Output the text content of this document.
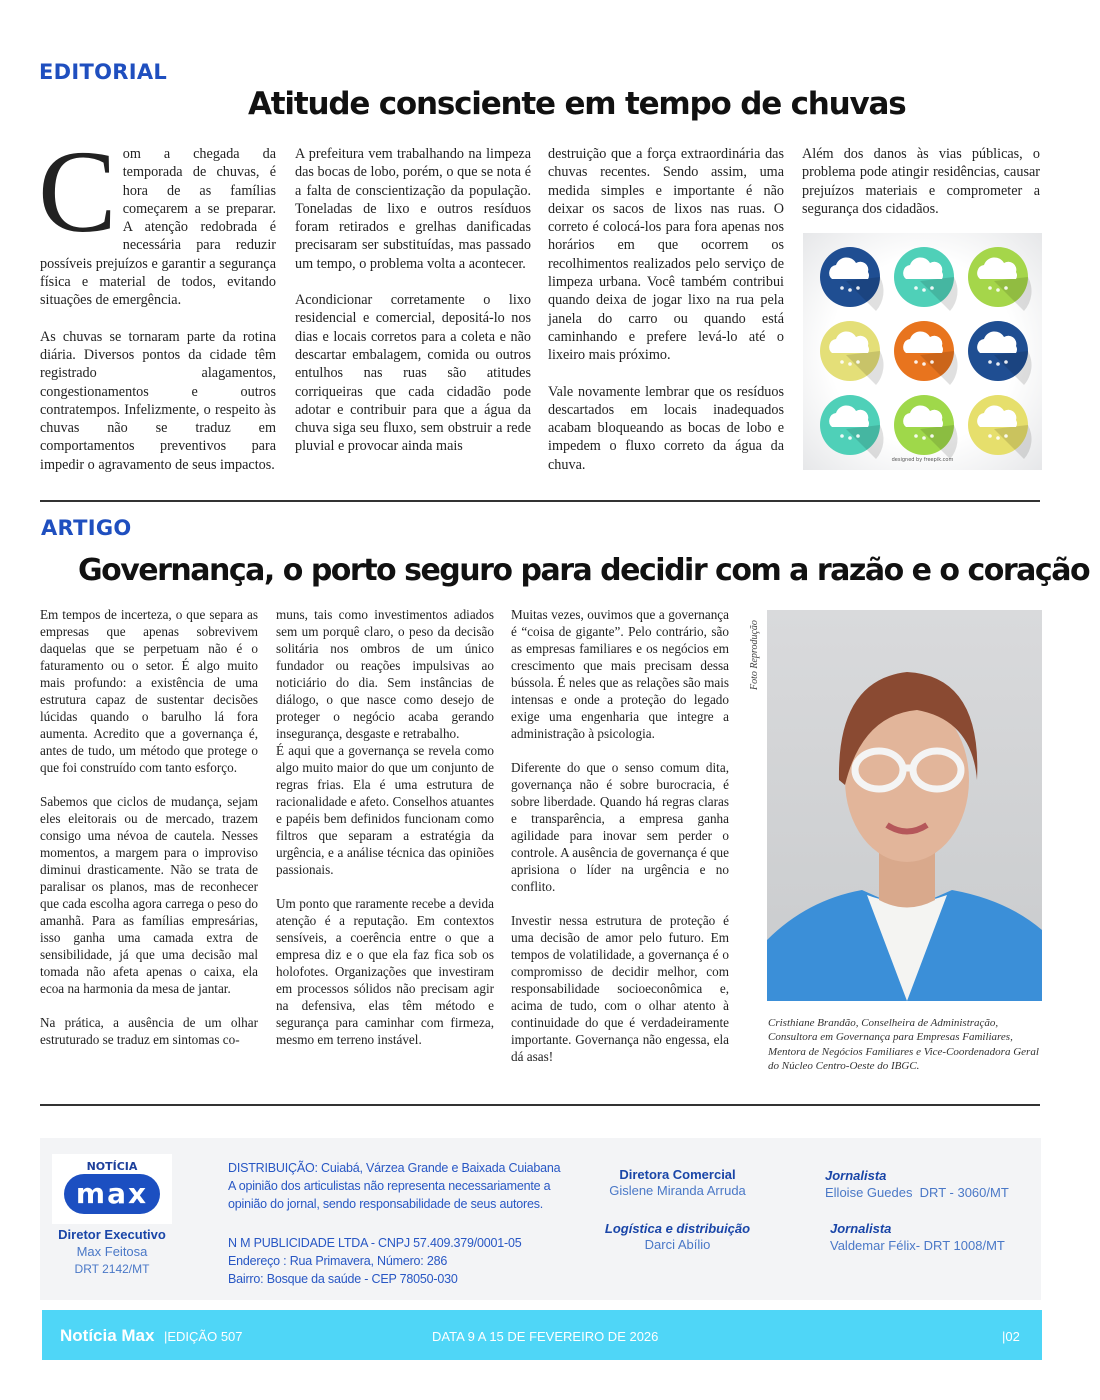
EDITORIAL
Atitude consciente em tempo de chuvas

Com a chegada da temporada de chuvas, é hora de as famílias começarem a se preparar. A atenção redobrada é necessária para reduzir possíveis prejuízos e garantir a segurança física e material de todos, evitando situações de emergência.

As chuvas se tornaram parte da rotina diária. Diversos pontos da cidade têm registrado alagamentos, congestionamentos e outros contratempos. Infelizmente, o respeito às chuvas não se traduz em comportamentos preventivos para impedir o agravamento de seus impactos.

A prefeitura vem trabalhando na limpeza das bocas de lobo, porém, o que se nota é a falta de conscientização da população. Toneladas de lixo e outros resíduos foram retirados e grelhas danificadas precisaram ser substituídas, mas passado um tempo, o problema volta a acontecer.

Acondicionar corretamente o lixo residencial e comercial, depositá-lo nos dias e locais corretos para a coleta e não descartar embalagem, comida ou outros entulhos nas ruas são atitudes corriqueiras que cada cidadão pode adotar e contribuir para que a água da chuva siga seu fluxo, sem obstruir a rede pluvial e provocar ainda mais

destruição que a força extraordinária das chuvas recentes. Sendo assim, uma medida simples e importante é não deixar os sacos de lixos nas ruas. O correto é colocá-los para fora apenas nos horários em que ocorrem os recolhimentos realizados pelo serviço de limpeza urbana. Você também contribui quando deixa de jogar lixo na rua pela janela do carro ou quando está caminhando e prefere levá-lo até o lixeiro mais próximo.

Vale novamente lembrar que os resíduos descartados em locais inadequados acabam bloqueando as bocas de lobo e impedem o fluxo correto da água da chuva.

Além dos danos às vias públicas, o problema pode atingir residências, causar prejuízos materiais e comprometer a segurança dos cidadãos.

designed by freepik.com
ARTIGO
Governança, o porto seguro para decidir com a razão e o coração

Em tempos de incerteza, o que separa as empresas que apenas sobrevivem daquelas que se perpetuam não é o faturamento ou o setor. É algo muito mais profundo: a existência de uma estrutura capaz de sustentar decisões lúcidas quando o barulho lá fora aumenta. Acredito que a governança é, antes de tudo, um método que protege o que foi construído com tanto esforço.

Sabemos que ciclos de mudança, sejam eles eleitorais ou de mercado, trazem consigo uma névoa de cautela. Nesses momentos, a margem para o improviso diminui drasticamente. Não se trata de paralisar os planos, mas de reconhecer que cada escolha agora carrega o peso do amanhã. Para as famílias empresárias, isso ganha uma camada extra de sensibilidade, já que uma decisão mal tomada não afeta apenas o caixa, ela ecoa na harmonia da mesa de jantar.

Na prática, a ausência de um olhar estruturado se traduz em sintomas co-

muns, tais como investimentos adiados sem um porquê claro, o peso da decisão solitária nos ombros de um único fundador ou reações impulsivas ao noticiário do dia. Sem instâncias de diálogo, o que nasce como desejo de proteger o negócio acaba gerando insegurança, desgaste e retrabalho.

É aqui que a governança se revela como algo muito maior do que um conjunto de regras frias. Ela é uma estrutura de racionalidade e afeto. Conselhos atuantes e papéis bem definidos funcionam como filtros que separam a estratégia da urgência, e a análise técnica das opiniões passionais.

Um ponto que raramente recebe a devida atenção é a reputação. Em contextos sensíveis, a coerência entre o que a empresa diz e o que ela faz fica sob os holofotes. Organizações que investiram em processos sólidos não precisam agir na defensiva, elas têm método e segurança para caminhar com firmeza, mesmo em terreno instável.

Muitas vezes, ouvimos que a governança é “coisa de gigante”. Pelo contrário, são as empresas familiares e os negócios em crescimento que mais precisam dessa bússola. É neles que as relações são mais intensas e onde a proteção do legado exige uma engenharia que integre a administração à psicologia.

Diferente do que o senso comum dita, governança não é sobre burocracia, é sobre liberdade. Quando há regras claras e transparência, a empresa ganha agilidade para inovar sem perder o controle. A ausência de governança é que aprisiona o líder na urgência e no conflito.

Investir nessa estrutura de proteção é uma decisão de amor pelo futuro. Em tempos de volatilidade, a governança é o compromisso de decidir melhor, com responsabilidade socioeconômica e, acima de tudo, com o olhar atento à continuidade do que é verdadeiramente importante. Governança não engessa, ela dá asas!

Foto Reprodução
Cristhiane Brandão, Conselheira de Administração, Consultora em Governança para Empresas Familiares, Mentora de Negócios Familiares e Vice-Coordenadora Geral do Núcleo Centro-Oeste do IBGC.
NOTÍCIA
max
Diretor Executivo
Max Feitosa
DRT 2142/MT
DISTRIBUIÇÃO: Cuiabá, Várzea Grande e Baixada Cuiabana
A opinião dos articulistas não representa necessariamente a opinião do jornal, sendo responsabilidade de seus autores.
N M PUBLICIDADE LTDA - CNPJ 57.409.379/0001-05
Endereço : Rua Primavera, Número: 286
Bairro: Bosque da saúde - CEP 78050-030
Diretora Comercial
Gislene Miranda Arruda
Logística e distribuição
Darci Abílio
Jornalista
Elloise Guedes  DRT - 3060/MT
Jornalista
Valdemar Félix- DRT 1008/MT
Notícia Max |EDIÇÃO 507	DATA 9 A 15 DE FEVEREIRO DE 2026	|02
